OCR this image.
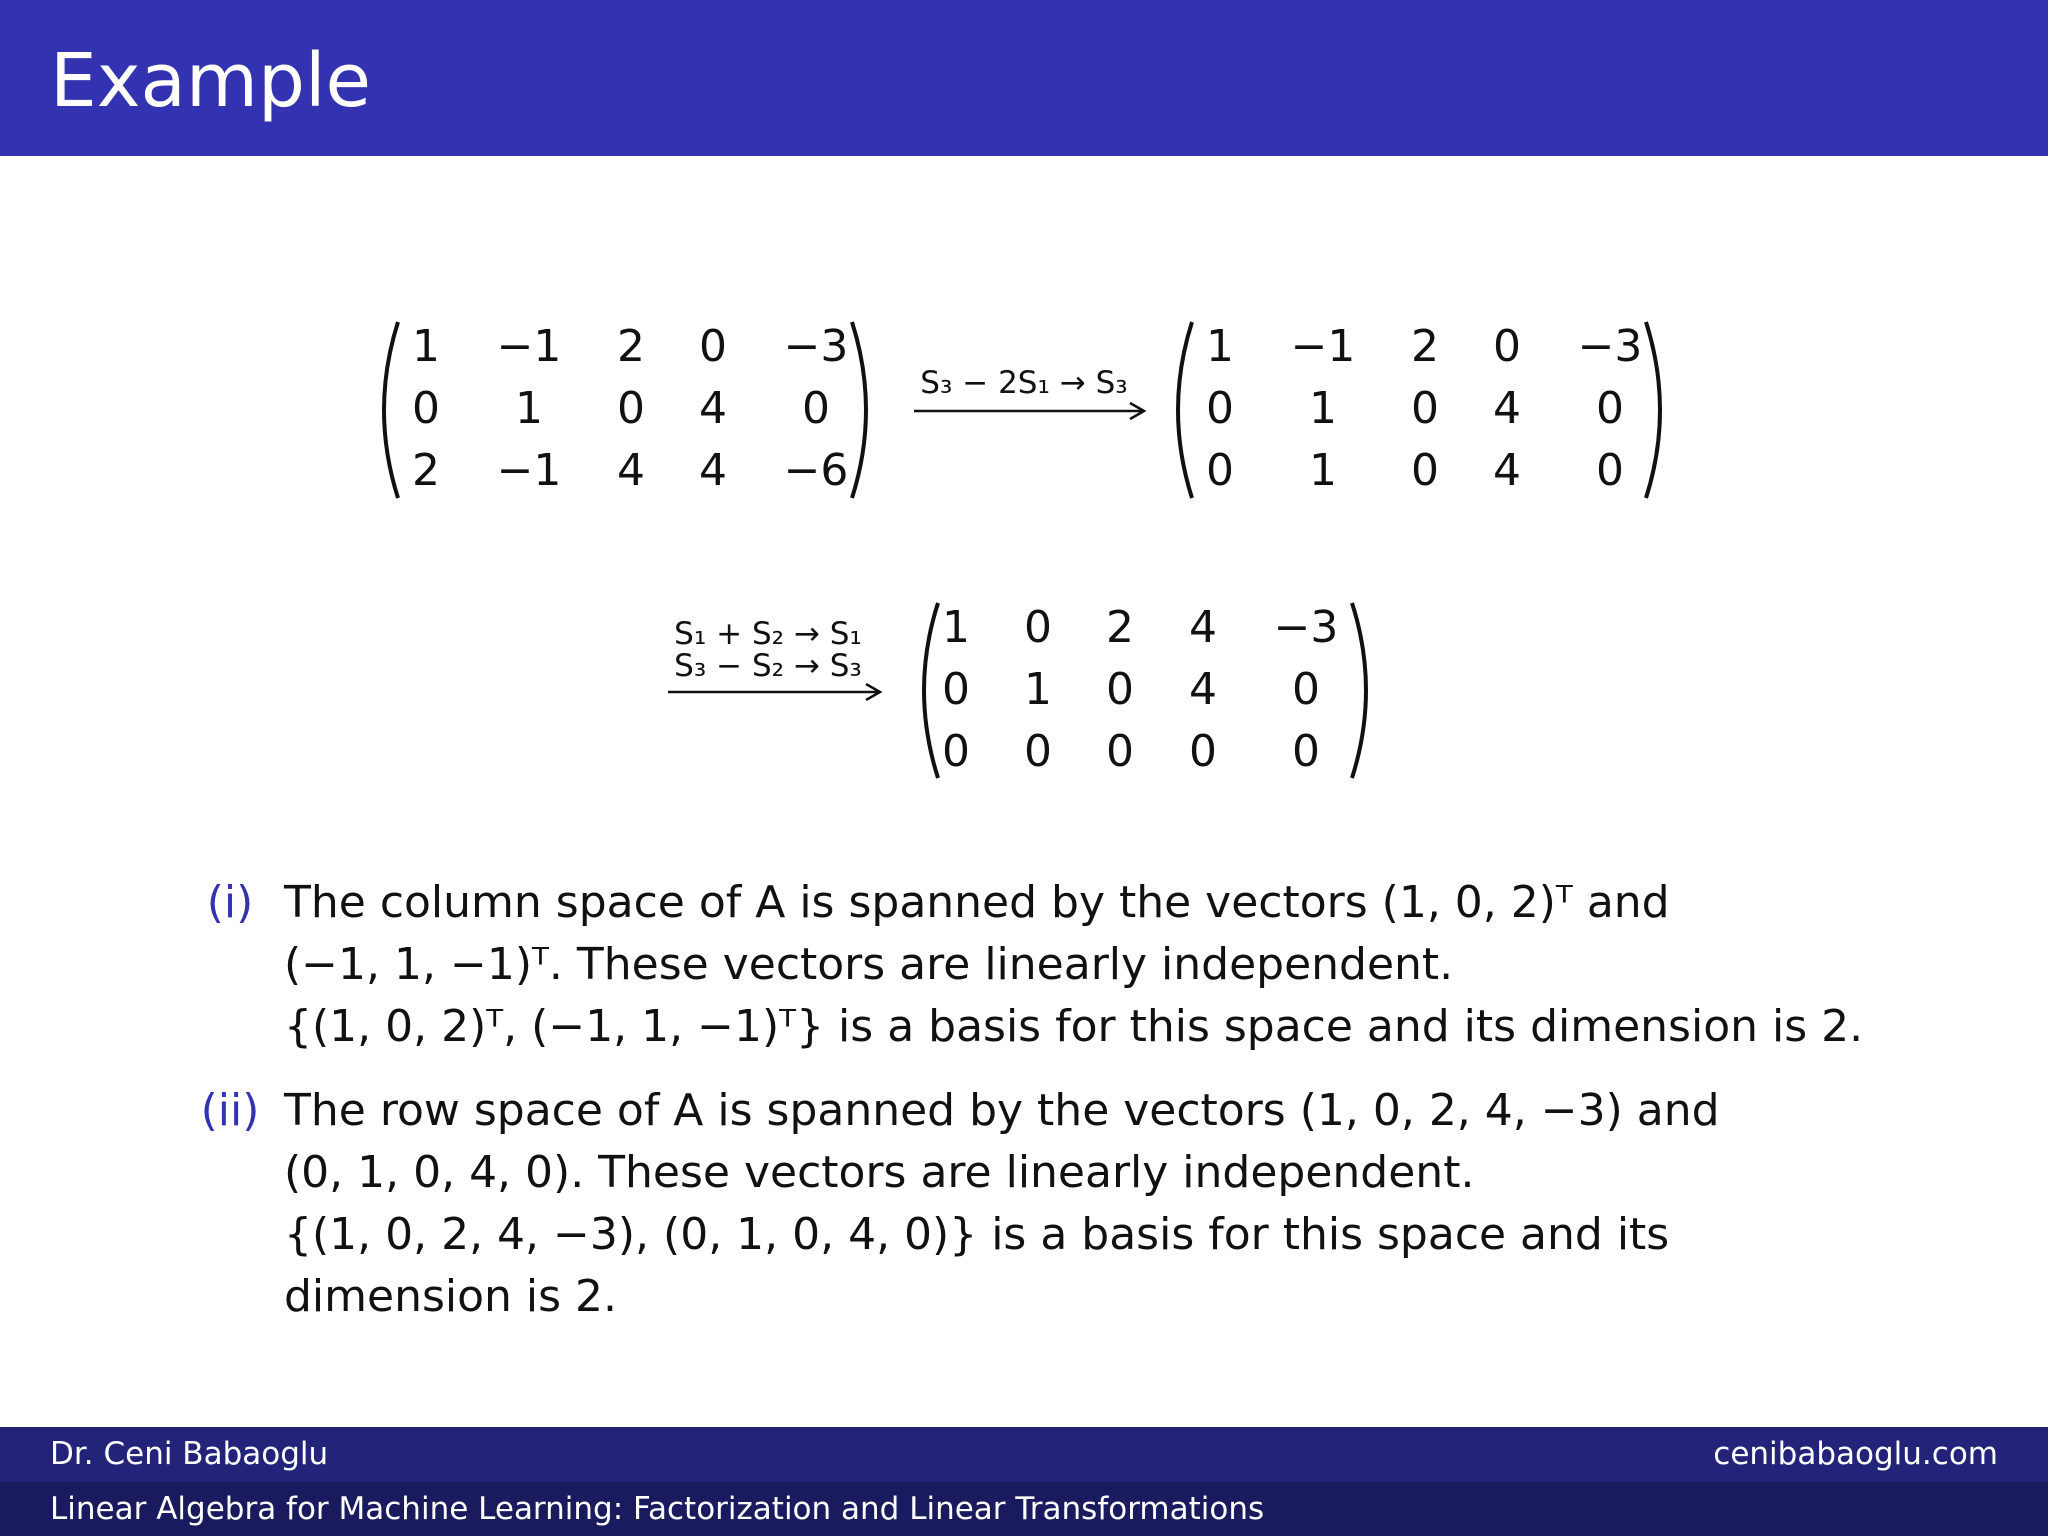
Example
1 −1 2 0 −3
0 1 0 4 0
2 −1 4 4 −6
S₃ − 2S₁ → S₃
1 −1 2 0 −3
0 1 0 4 0
0 1 0 4 0
S₁ + S₂ → S₁
S₃ − S₂ → S₃
1 0 2 4 −3
0 1 0 4 0
0 0 0 0 0
(i) The column space of A is spanned by the vectors (1, 0, 2)ᵀ and
(−1, 1, −1)ᵀ. These vectors are linearly independent.
{(1, 0, 2)ᵀ, (−1, 1, −1)ᵀ} is a basis for this space and its dimension is 2.
(ii) The row space of A is spanned by the vectors (1, 0, 2, 4, −3) and
(0, 1, 0, 4, 0). These vectors are linearly independent.
{(1, 0, 2, 4, −3), (0, 1, 0, 4, 0)} is a basis for this space and its
dimension is 2.
Dr. Ceni Babaoglu	cenibabaoglu.com
Linear Algebra for Machine Learning: Factorization and Linear Transformations
